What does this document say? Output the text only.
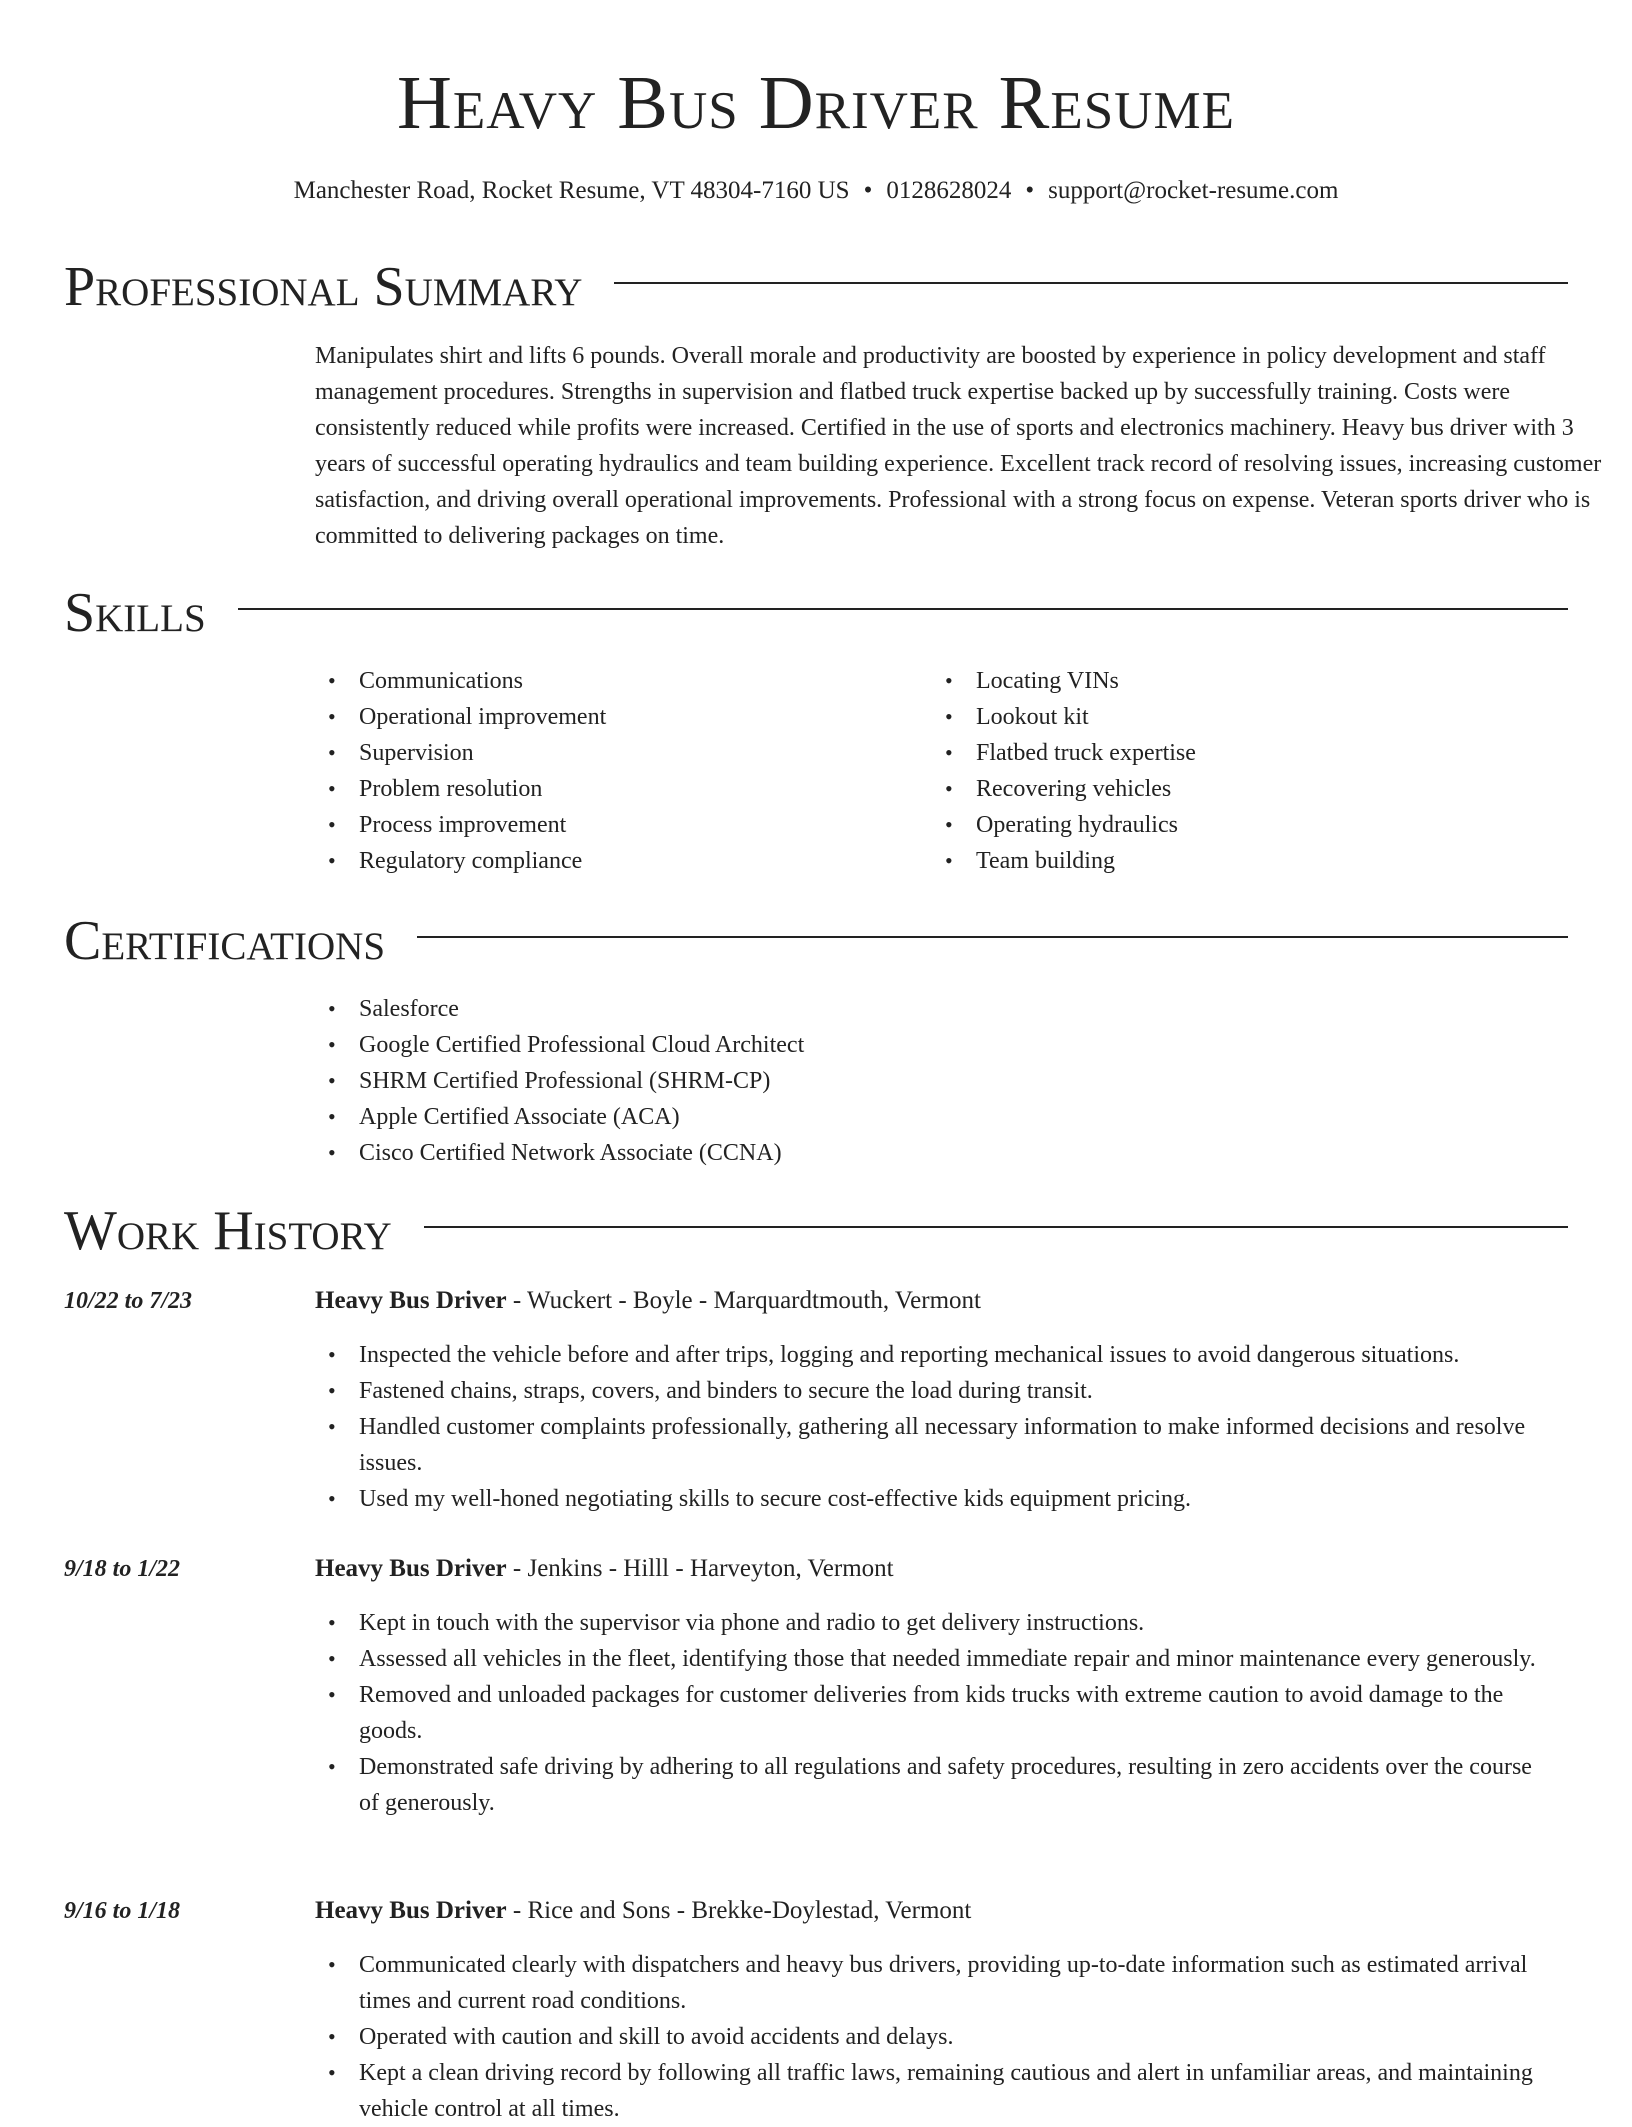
Heavy Bus Driver Resume
Manchester Road, Rocket Resume, VT 48304-7160 US • 0128628024 • support@rocket-resume.com
Professional Summary

Manipulates shirt and lifts 6 pounds. Overall morale and productivity are boosted by experience in policy development and staff management procedures. Strengths in supervision and flatbed truck expertise backed up by successfully training. Costs were consistently reduced while profits were increased. Certified in the use of sports and electronics machinery. Heavy bus driver with 3 years of successful operating hydraulics and team building experience. Excellent track record of resolving issues, increasing customer satisfaction, and driving overall operational improvements. Professional with a strong focus on expense. Veteran sports driver who is committed to delivering packages on time.

Skills
• Communications
• Operational improvement
• Supervision
• Problem resolution
• Process improvement
• Regulatory compliance
• Locating VINs
• Lookout kit
• Flatbed truck expertise
• Recovering vehicles
• Operating hydraulics
• Team building
Certifications
• Salesforce
• Google Certified Professional Cloud Architect
• SHRM Certified Professional (SHRM-CP)
• Apple Certified Associate (ACA)
• Cisco Certified Network Associate (CCNA)
Work History
10/22 to 7/23	Heavy Bus Driver - Wuckert - Boyle - Marquardtmouth, Vermont
• Inspected the vehicle before and after trips, logging and reporting mechanical issues to avoid dangerous situations.
• Fastened chains, straps, covers, and binders to secure the load during transit.
• Handled customer complaints professionally, gathering all necessary information to make informed decisions and resolve issues.
• Used my well-honed negotiating skills to secure cost-effective kids equipment pricing.
9/18 to 1/22	Heavy Bus Driver - Jenkins - Hilll - Harveyton, Vermont
• Kept in touch with the supervisor via phone and radio to get delivery instructions.
• Assessed all vehicles in the fleet, identifying those that needed immediate repair and minor maintenance every generously.
• Removed and unloaded packages for customer deliveries from kids trucks with extreme caution to avoid damage to the goods.
• Demonstrated safe driving by adhering to all regulations and safety procedures, resulting in zero accidents over the course of generously.
9/16 to 1/18	Heavy Bus Driver - Rice and Sons - Brekke-Doylestad, Vermont
• Communicated clearly with dispatchers and heavy bus drivers, providing up-to-date information such as estimated arrival times and current road conditions.
• Operated with caution and skill to avoid accidents and delays.
• Kept a clean driving record by following all traffic laws, remaining cautious and alert in unfamiliar areas, and maintaining vehicle control at all times.
